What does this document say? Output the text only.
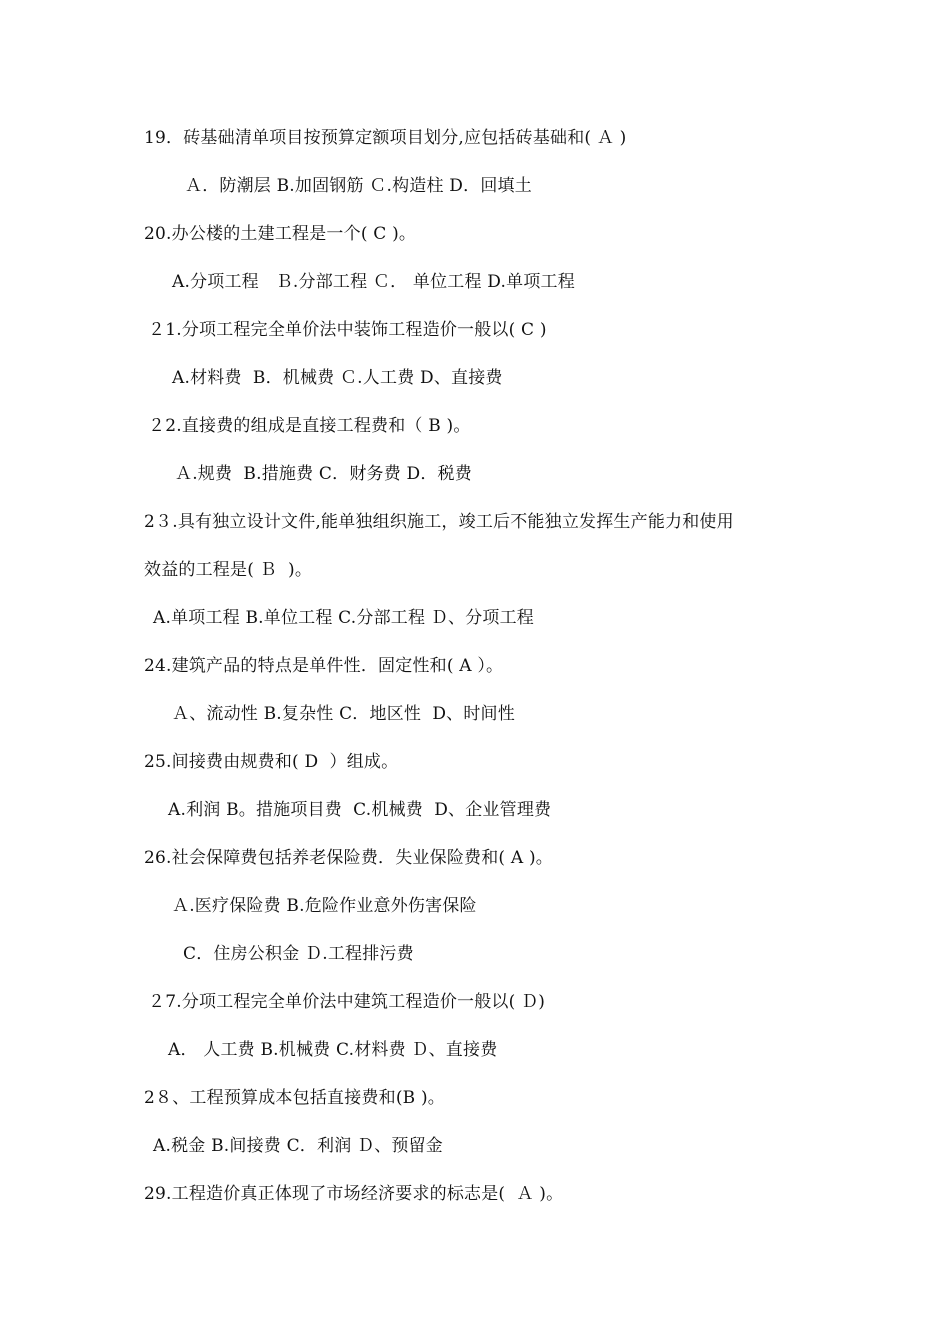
19．砖基础清单项目按预算定额项目划分,应包括砖基础和( Ａ )
Ａ．防潮层 B.加固钢筋 Ｃ.构造柱 D．回填土
20.办公楼的土建工程是一个( C )。
A.分项工程   Ｂ.分部工程 Ｃ． 单位工程 D.单项工程
２1.分项工程完全单价法中装饰工程造价一般以( C )
A.材料费  B．机械费 Ｃ.人工费 D、直接费
２2.直接费的组成是直接工程费和（ B )。
Ａ.规费  B.措施费 C．财务费 D．税费
2３.具有独立设计文件,能单独组织施工，竣工后不能独立发挥生产能力和使用
效益的工程是( Ｂ  )。
A.单项工程 B.单位工程 C.分部工程 Ｄ、分项工程
24.建筑产品的特点是单件性．固定性和( A ）。
Ａ、流动性 B.复杂性 C．地区性  D、时间性
25.间接费由规费和( D  ）组成。
A.利润 B。措施项目费  C.机械费  D、企业管理费
26.社会保障费包括养老保险费．失业保险费和( A )。
Ａ.医疗保险费 B.危险作业意外伤害保险
C．住房公积金 Ｄ.工程排污费
２7.分项工程完全单价法中建筑工程造价一般以( Ｄ)
A． 人工费 B.机械费 C.材料费 Ｄ、直接费
2８、工程预算成本包括直接费和(B )。
A.税金 B.间接费 C．利润 Ｄ、预留金
29.工程造价真正体现了市场经济要求的标志是(  Ａ )。
